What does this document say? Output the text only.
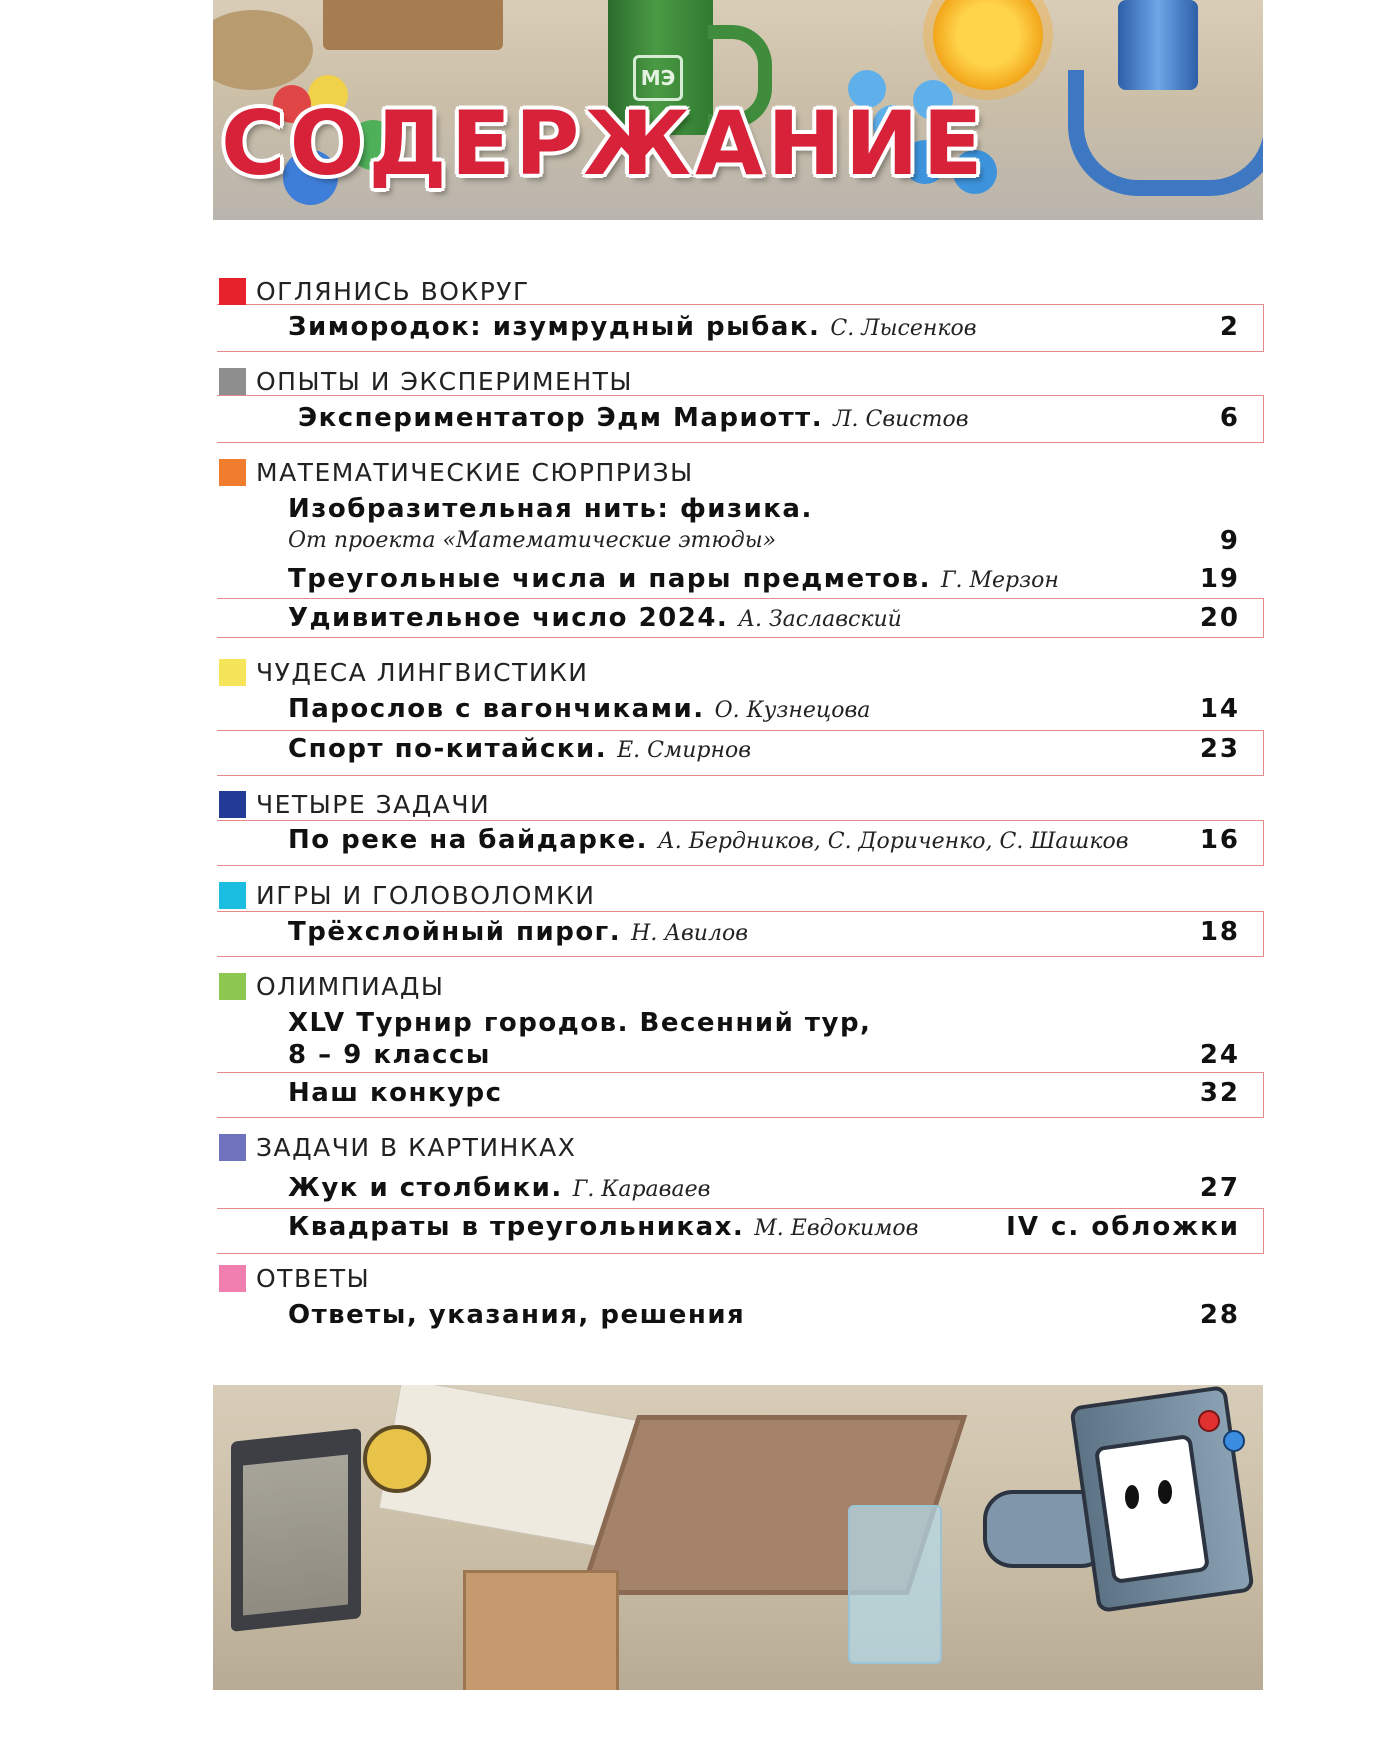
МЭ
СОДЕРЖАНИЕ
ОГЛЯНИСЬ ВОКРУГ
Зимородок: изумрудный рыбак. С. Лысенков	2
ОПЫТЫ И ЭКСПЕРИМЕНТЫ
Экспериментатор Эдм Мариотт. Л. Свистов	6
МАТЕМАТИЧЕСКИЕ СЮРПРИЗЫ
Изобразительная нить: физика.
От проекта «Математические этюды»	9
Треугольные числа и пары предметов. Г. Мерзон	19
Удивительное число 2024. А. Заславский	20
ЧУДЕСА ЛИНГВИСТИКИ
Парослов с вагончиками. О. Кузнецова	14
Спорт по-китайски. Е. Смирнов	23
ЧЕТЫРЕ ЗАДАЧИ
По реке на байдарке. А. Бердников, С. Дориченко, С. Шашков	16
ИГРЫ И ГОЛОВОЛОМКИ
Трёхслойный пирог. Н. Авилов	18
ОЛИМПИАДЫ
XLV Турнир городов. Весенний тур,
8 – 9 классы	24
Наш конкурс	32
ЗАДАЧИ В КАРТИНКАХ
Жук и столбики. Г. Караваев	27
Квадраты в треугольниках. М. Евдокимов	IV с. обложки
ОТВЕТЫ
Ответы, указания, решения	28
